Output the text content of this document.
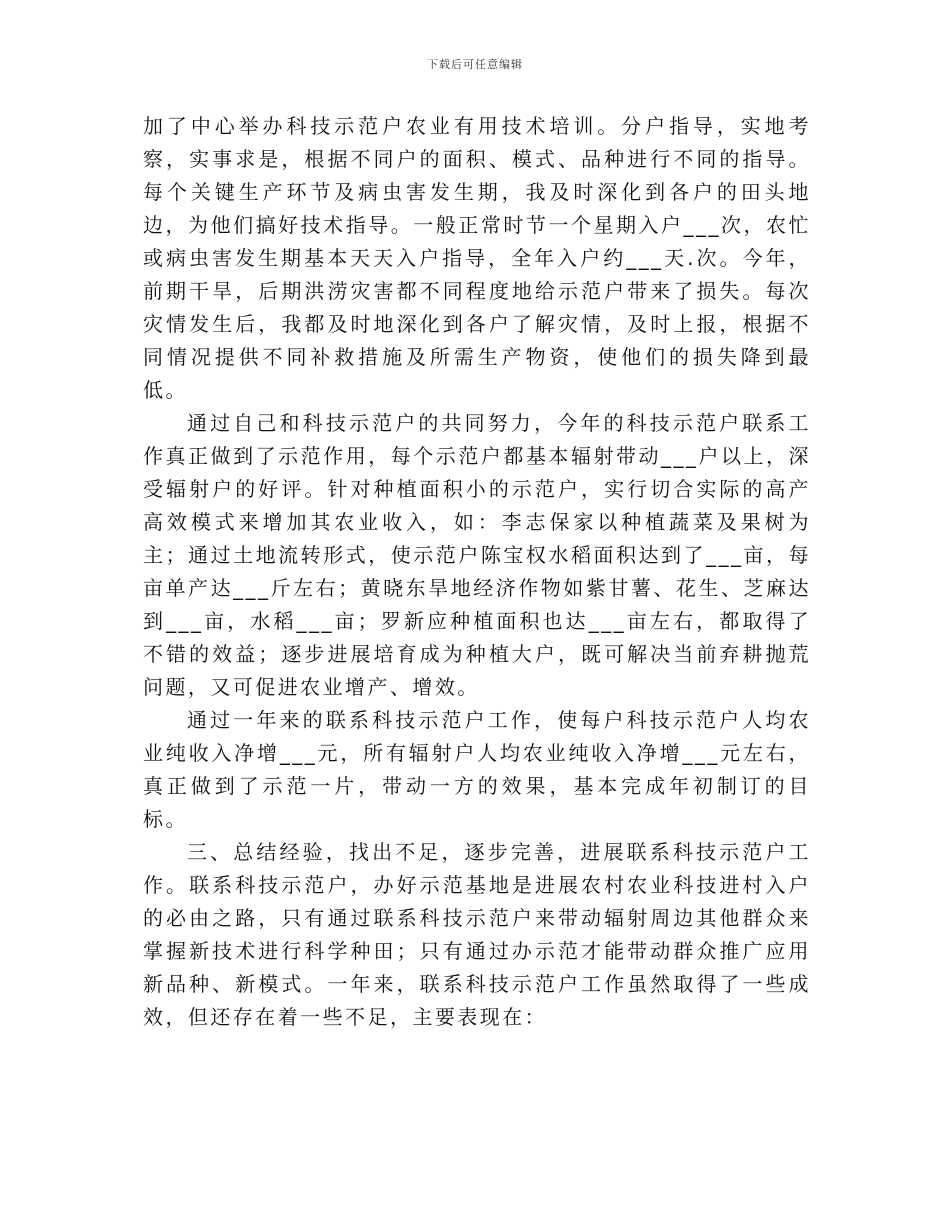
下载后可任意编辑

加了中心举办科技示范户农业有用技术培训。分户指导，实地考察，实事求是，根据不同户的面积、模式、品种进行不同的指导。每个关键生产环节及病虫害发生期，我及时深化到各户的田头地边，为他们搞好技术指导。一般正常时节一个星期入户___次，农忙或病虫害发生期基本天天入户指导，全年入户约___天.次。今年，前期干旱，后期洪涝灾害都不同程度地给示范户带来了损失。每次灾情发生后，我都及时地深化到各户了解灾情，及时上报，根据不同情况提供不同补救措施及所需生产物资，使他们的损失降到最低。

通过自己和科技示范户的共同努力，今年的科技示范户联系工作真正做到了示范作用，每个示范户都基本辐射带动___户以上，深受辐射户的好评。针对种植面积小的示范户，实行切合实际的高产高效模式来增加其农业收入，如：李志保家以种植蔬菜及果树为主；通过土地流转形式，使示范户陈宝权水稻面积达到了___亩，每亩单产达___斤左右；黄晓东旱地经济作物如紫甘薯、花生、芝麻达到___亩，水稻___亩；罗新应种植面积也达___亩左右，都取得了不错的效益；逐步进展培育成为种植大户，既可解决当前弃耕抛荒问题，又可促进农业增产、增效。

通过一年来的联系科技示范户工作，使每户科技示范户人均农业纯收入净增___元，所有辐射户人均农业纯收入净增___元左右，真正做到了示范一片，带动一方的效果，基本完成年初制订的目标。

三、总结经验，找出不足，逐步完善，进展联系科技示范户工作。联系科技示范户，办好示范基地是进展农村农业科技进村入户的必由之路，只有通过联系科技示范户来带动辐射周边其他群众来掌握新技术进行科学种田；只有通过办示范才能带动群众推广应用新品种、新模式。一年来，联系科技示范户工作虽然取得了一些成效，但还存在着一些不足，主要表现在：
